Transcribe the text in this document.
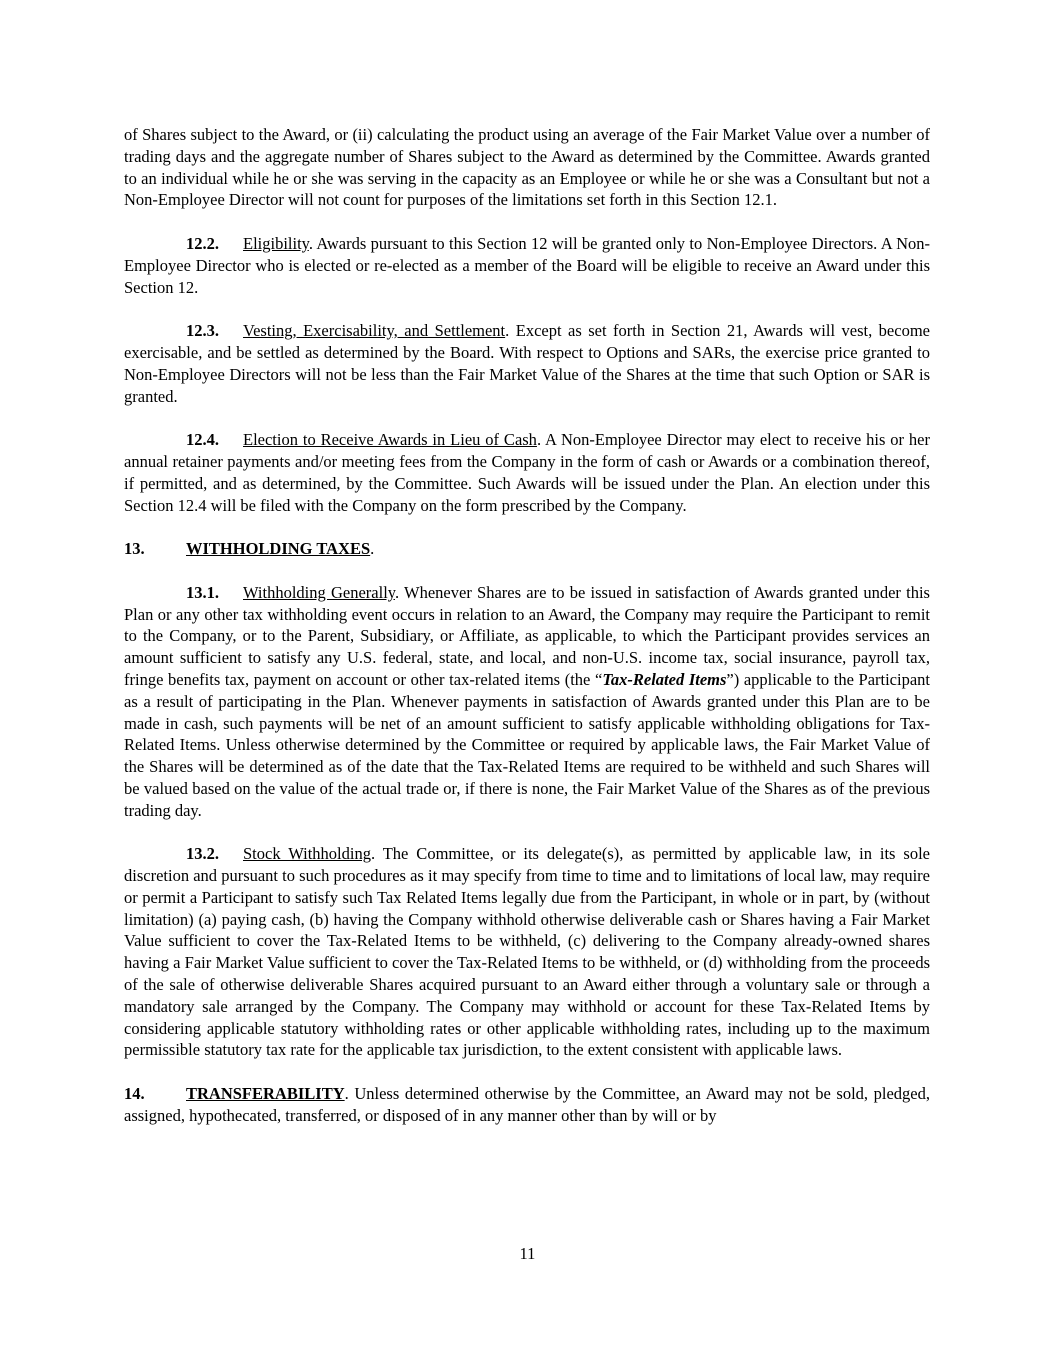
of Shares subject to the Award, or (ii) calculating the product using an average of the Fair Market Value over a number of trading days and the aggregate number of Shares subject to the Award as determined by the Committee. Awards granted to an individual while he or she was serving in the capacity as an Employee or while he or she was a Consultant but not a Non-Employee Director will not count for purposes of the limitations set forth in this Section 12.1.

12.2. Eligibility. Awards pursuant to this Section 12 will be granted only to Non-Employee Directors. A Non-Employee Director who is elected or re-elected as a member of the Board will be eligible to receive an Award under this Section 12.

12.3. Vesting, Exercisability, and Settlement. Except as set forth in Section 21, Awards will vest, become exercisable, and be settled as determined by the Board. With respect to Options and SARs, the exercise price granted to Non-Employee Directors will not be less than the Fair Market Value of the Shares at the time that such Option or SAR is granted.

12.4. Election to Receive Awards in Lieu of Cash. A Non-Employee Director may elect to receive his or her annual retainer payments and/or meeting fees from the Company in the form of cash or Awards or a combination thereof, if permitted, and as determined, by the Committee. Such Awards will be issued under the Plan. An election under this Section 12.4 will be filed with the Company on the form prescribed by the Company.

13.	WITHHOLDING TAXES.

13.1. Withholding Generally. Whenever Shares are to be issued in satisfaction of Awards granted under this Plan or any other tax withholding event occurs in relation to an Award, the Company may require the Participant to remit to the Company, or to the Parent, Subsidiary, or Affiliate, as applicable, to which the Participant provides services an amount sufficient to satisfy any U.S. federal, state, and local, and non-U.S. income tax, social insurance, payroll tax, fringe benefits tax, payment on account or other tax-related items (the “Tax-Related Items”) applicable to the Participant as a result of participating in the Plan. Whenever payments in satisfaction of Awards granted under this Plan are to be made in cash, such payments will be net of an amount sufficient to satisfy applicable withholding obligations for Tax-Related Items. Unless otherwise determined by the Committee or required by applicable laws, the Fair Market Value of the Shares will be determined as of the date that the Tax-Related Items are required to be withheld and such Shares will be valued based on the value of the actual trade or, if there is none, the Fair Market Value of the Shares as of the previous trading day.

13.2. Stock Withholding. The Committee, or its delegate(s), as permitted by applicable law, in its sole discretion and pursuant to such procedures as it may specify from time to time and to limitations of local law, may require or permit a Participant to satisfy such Tax Related Items legally due from the Participant, in whole or in part, by (without limitation) (a) paying cash, (b) having the Company withhold otherwise deliverable cash or Shares having a Fair Market Value sufficient to cover the Tax-Related Items to be withheld, (c) delivering to the Company already-owned shares having a Fair Market Value sufficient to cover the Tax-Related Items to be withheld, or (d) withholding from the proceeds of the sale of otherwise deliverable Shares acquired pursuant to an Award either through a voluntary sale or through a mandatory sale arranged by the Company. The Company may withhold or account for these Tax-Related Items by considering applicable statutory withholding rates or other applicable withholding rates, including up to the maximum permissible statutory tax rate for the applicable tax jurisdiction, to the extent consistent with applicable laws.

14.	TRANSFERABILITY. Unless determined otherwise by the Committee, an Award may not be sold, pledged, assigned, hypothecated, transferred, or disposed of in any manner other than by will or by

11
